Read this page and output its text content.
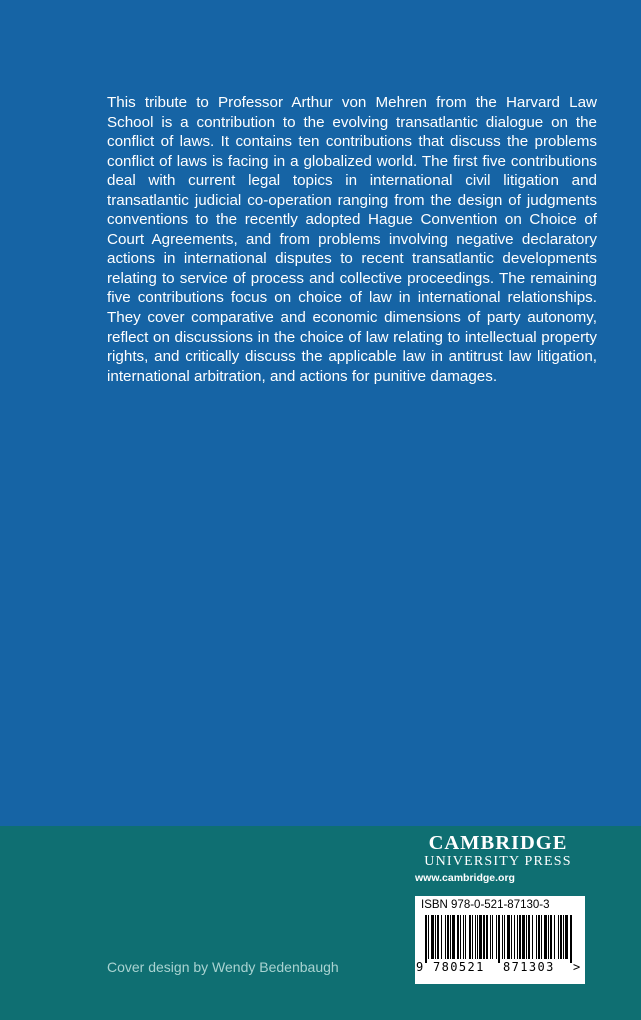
This tribute to Professor Arthur von Mehren from the Harvard Law School is a contribution to the evolving transatlantic dialogue on the conflict of laws. It contains ten contributions that discuss the problems conflict of laws is facing in a globalized world. The first five contributions deal with current legal topics in international civil litigation and transatlantic judicial co-operation ranging from the design of judgments conventions to the recently adopted Hague Convention on Choice of Court Agreements, and from problems involving negative declaratory actions in international disputes to recent transatlantic developments relating to service of process and collective proceedings. The remaining five contributions focus on choice of law in international relationships. They cover comparative and economic dimensions of party autonomy, reflect on discussions in the choice of law relating to intellectual property rights, and critically discuss the applicable law in antitrust law litigation, international arbitration, and actions for punitive damages.

CAMBRIDGE
UNIVERSITY PRESS
www.cambridge.org
Cover design by Wendy Bedenbaugh
ISBN 978-0-521-87130-3
9 780521 871303 >
